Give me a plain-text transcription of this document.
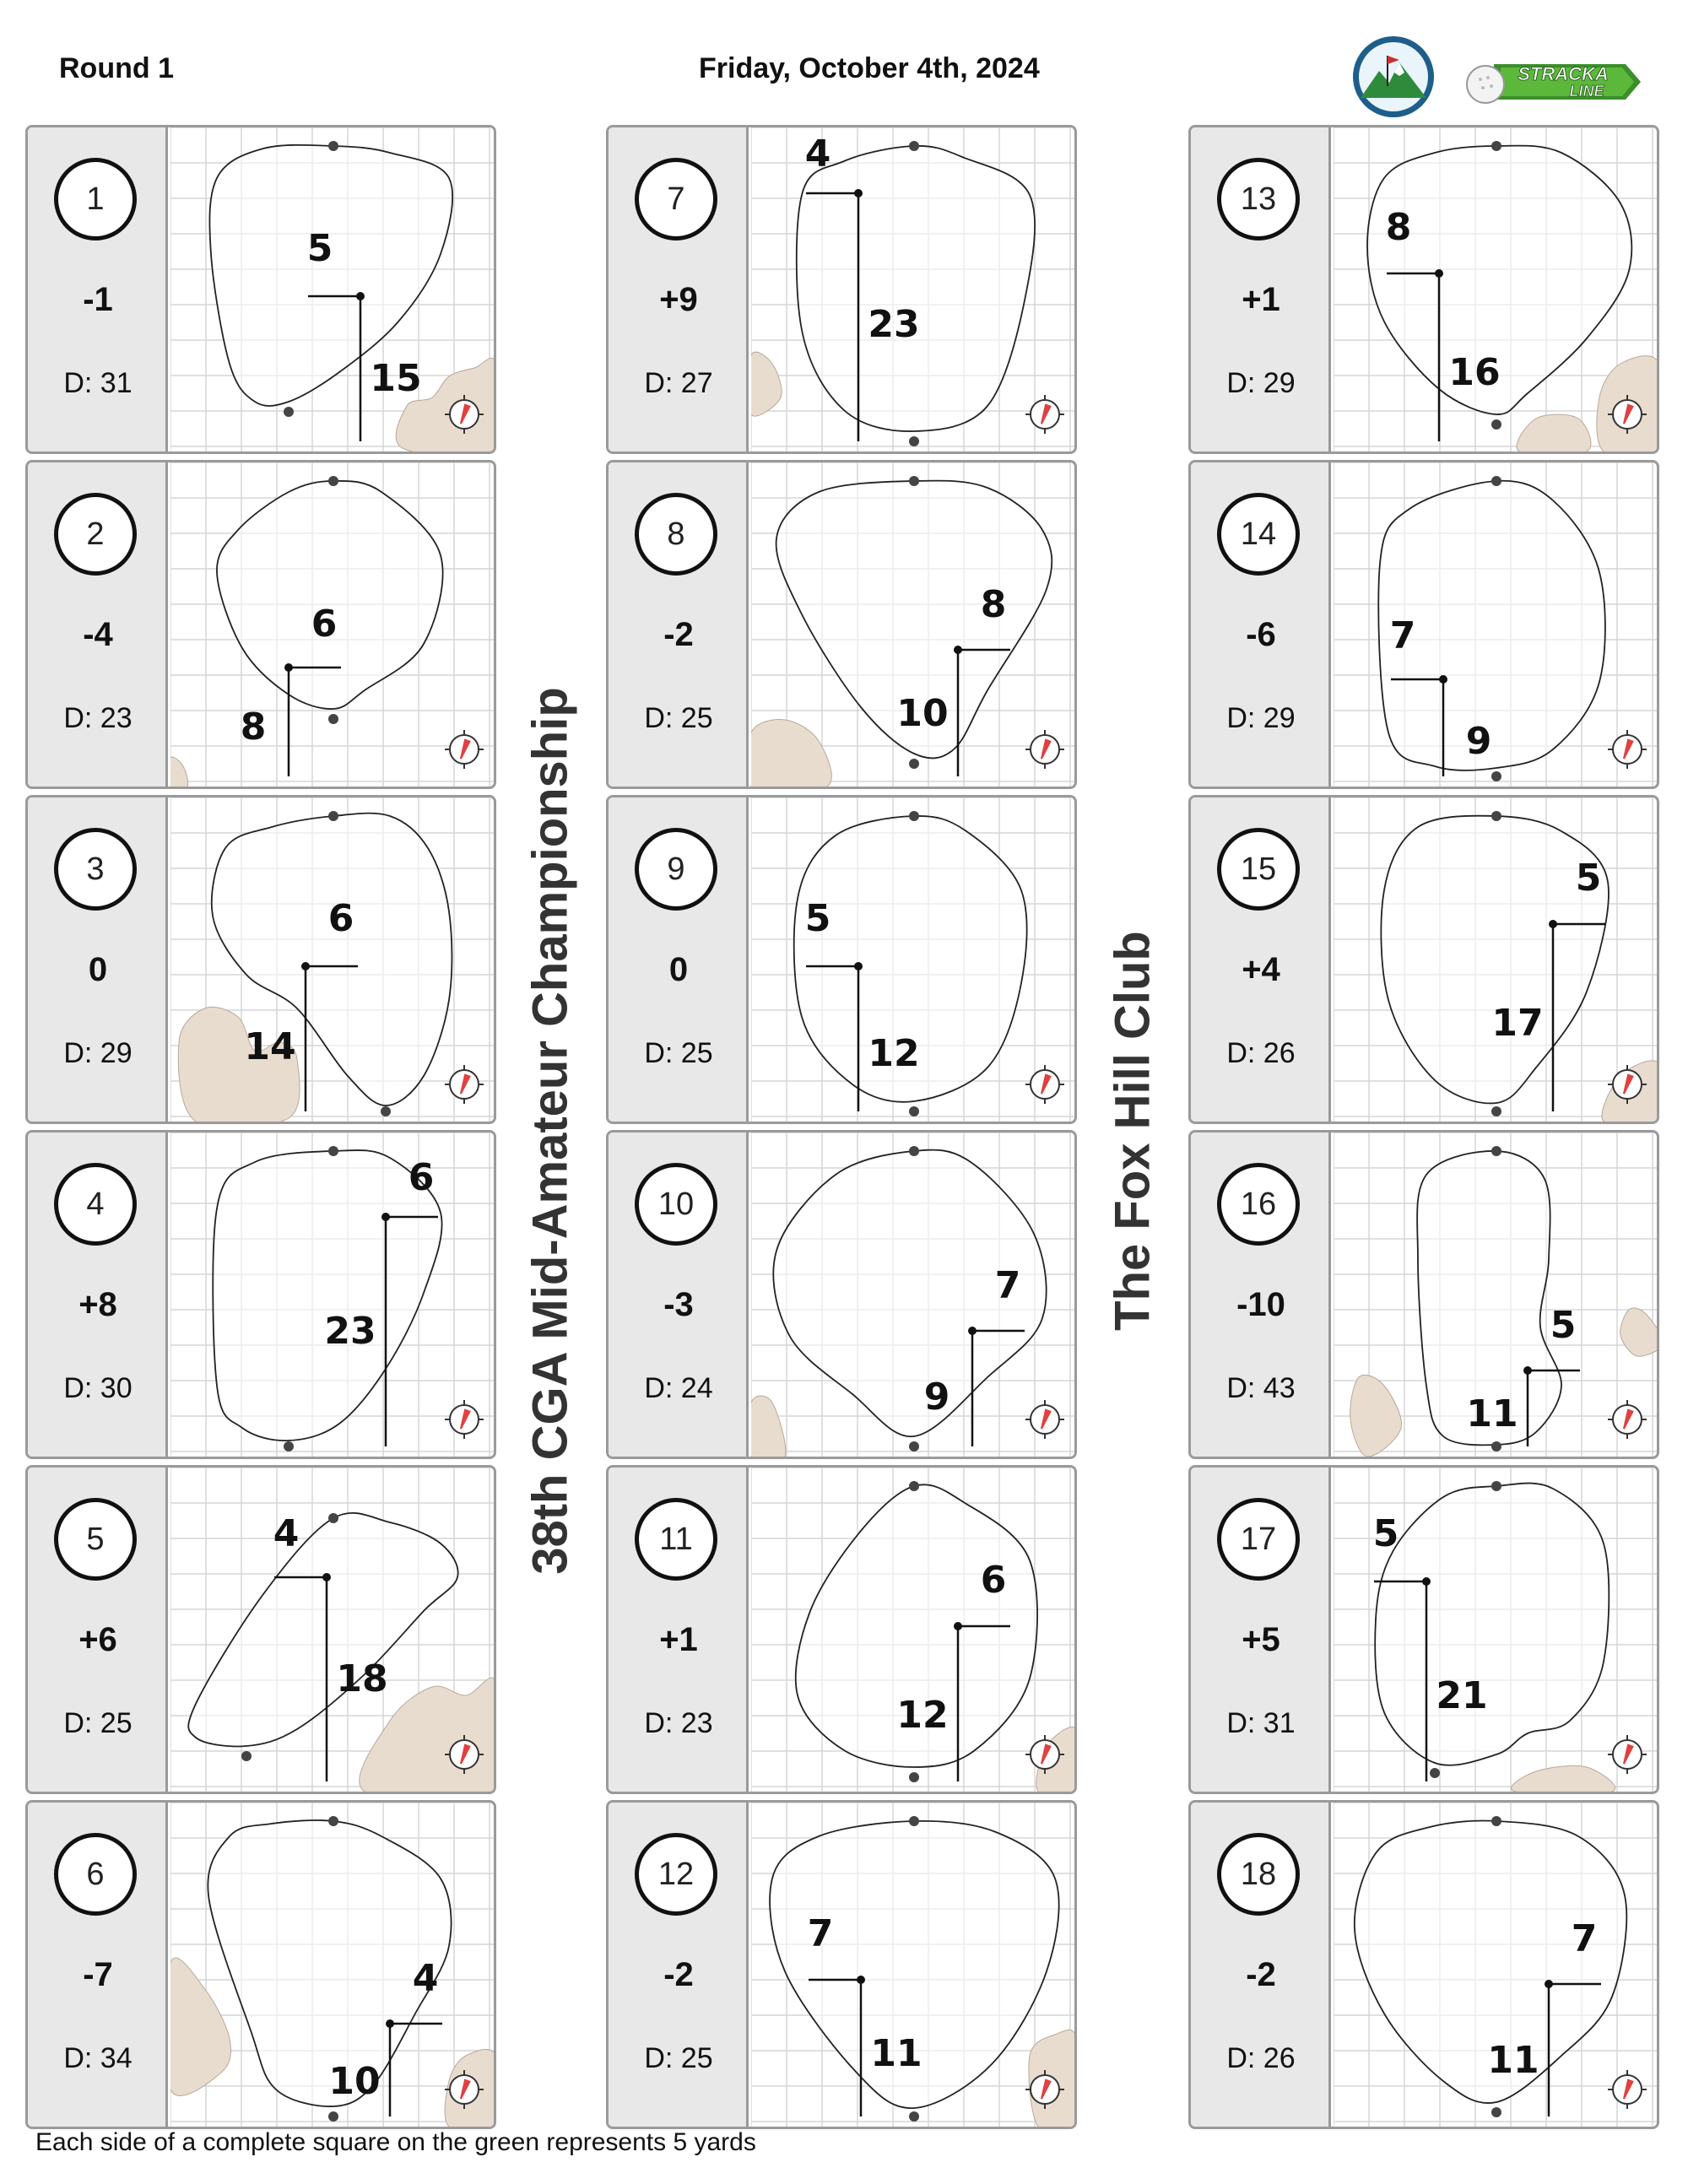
Round 1	Friday, October 4th, 2024	STRACKA
LINE
38th CGA Mid-Amateur Championship	The Fox Hill Club
1
-1
D: 31
5
15
2
-4
D: 23
6
8
3
0
D: 29
6
14
4
+8
D: 30
6
23
5
+6
D: 25
4
18
6
-7
D: 34
4
10
7
+9
D: 27
4
23
8
-2
D: 25
8
10
9
0
D: 25
5
12
10
-3
D: 24
7
9
11
+1
D: 23
6
12
12
-2
D: 25
7
11
13
+1
D: 29
8
16
14
-6
D: 29
7
9
15
+4
D: 26
5
17
16
-10
D: 43
5
11
17
+5
D: 31
5
21
18
-2
D: 26
7
11
Each side of a complete square on the green represents 5 yards
